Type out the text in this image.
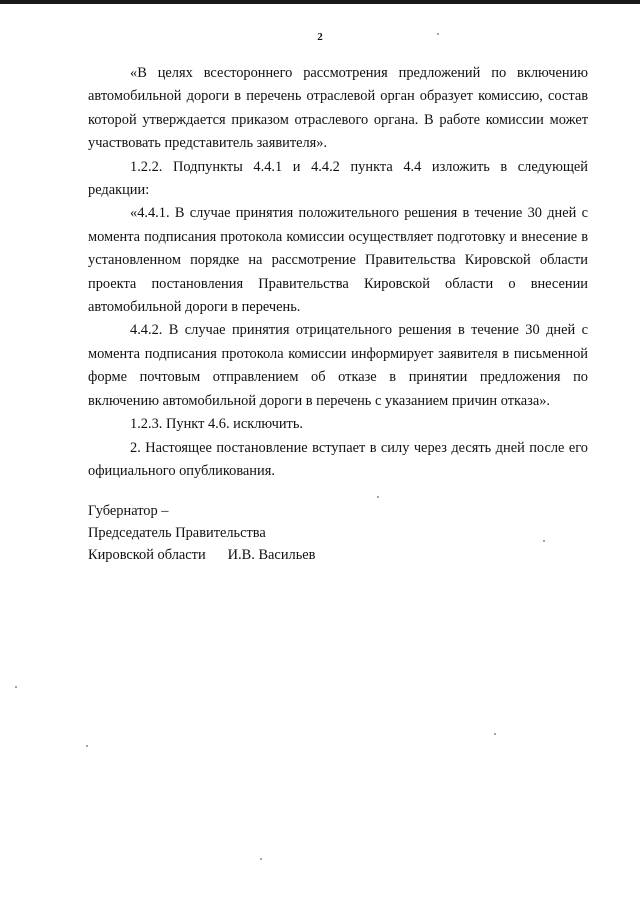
2

«В целях всестороннего рассмотрения предложений по включению автомобильной дороги в перечень отраслевой орган образует комиссию, состав которой утверждается приказом отраслевого органа. В работе комиссии может участвовать представитель заявителя».

1.2.2. Подпункты 4.4.1 и 4.4.2 пункта 4.4 изложить в следующей редакции:

«4.4.1. В случае принятия положительного решения в течение 30 дней с момента подписания протокола комиссии осуществляет подготовку и внесение в установленном порядке на рассмотрение Правительства Кировской области проекта постановления Правительства Кировской области о внесении автомобильной дороги в перечень.

4.4.2. В случае принятия отрицательного решения в течение 30 дней с момента подписания протокола комиссии информирует заявителя в письменной форме почтовым отправлением об отказе в принятии предложения по включению автомобильной дороги в перечень с указанием причин отказа».

1.2.3. Пункт 4.6. исключить.

2. Настоящее постановление вступает в силу через десять дней после его официального опубликования.

Губернатор –
Председатель Правительства
Кировской области И.В. Васильев
